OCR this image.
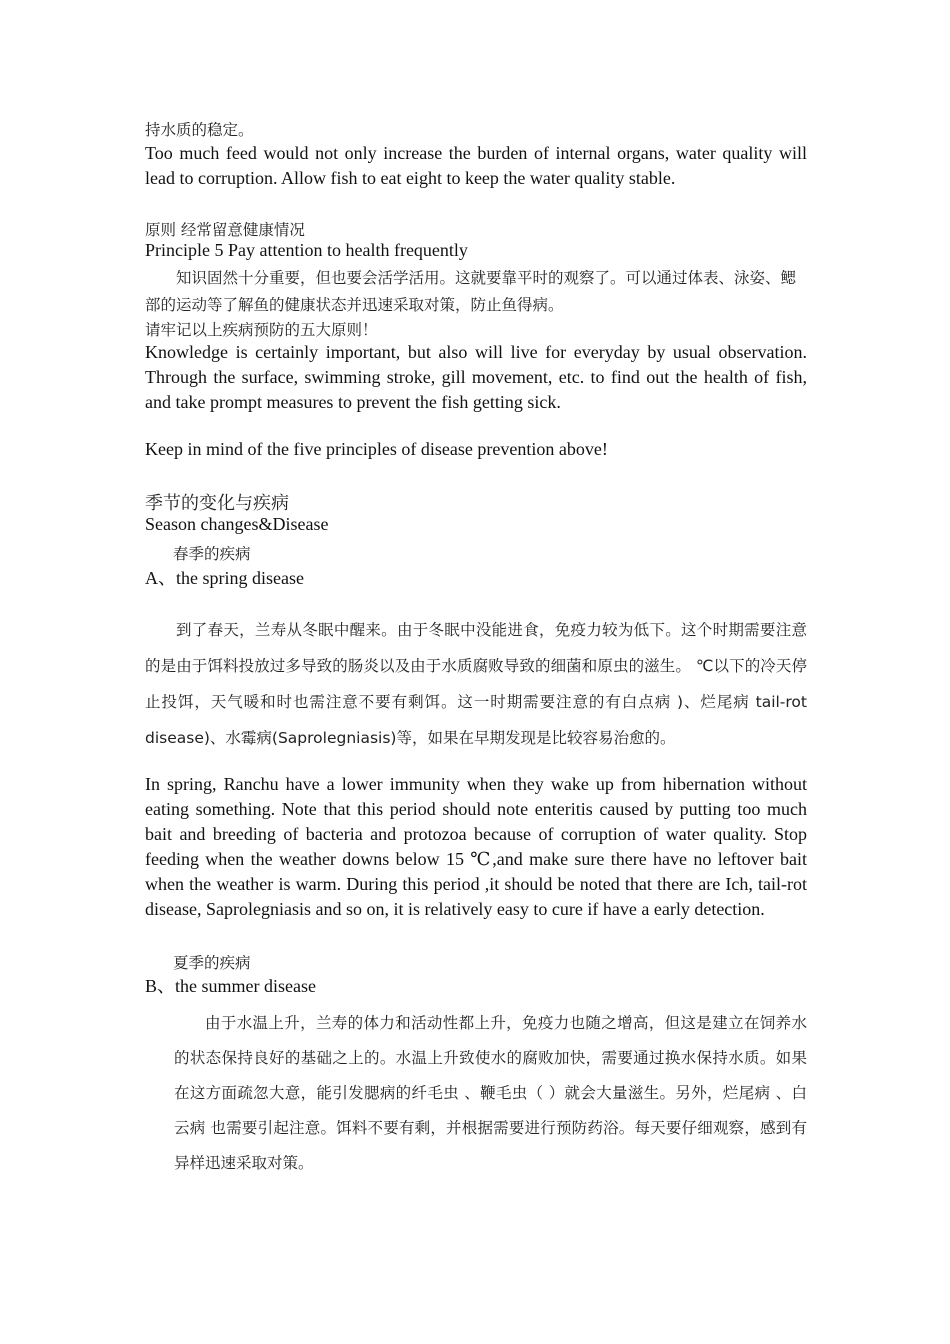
持水质的稳定。

Too much feed would not only increase the burden of internal organs, water quality will lead to corruption. Allow fish to eat eight to keep the water quality stable.

原则 经常留意健康情况

Principle 5 Pay attention to health frequently

知识固然十分重要，但也要会活学活用。这就要靠平时的观察了。可以通过体表、泳姿、鳃部的运动等了解鱼的健康状态并迅速采取对策，防止鱼得病。

请牢记以上疾病预防的五大原则！

Knowledge is certainly important, but also will live for everyday by usual observation. Through the surface, swimming stroke, gill movement, etc. to find out the health of fish, and take prompt measures to prevent the fish getting sick.

Keep in mind of the five principles of disease prevention above!

季节的变化与疾病

Season changes&Disease

春季的疾病

A、the spring disease

到了春天，兰寿从冬眠中醒来。由于冬眠中没能进食，免疫力较为低下。这个时期需要注意的是由于饵料投放过多导致的肠炎以及由于水质腐败导致的细菌和原虫的滋生。 ℃以下的冷天停止投饵，天气暖和时也需注意不要有剩饵。这一时期需要注意的有白点病 )、烂尾病 tail-rot disease)、水霉病(Saprolegniasis)等，如果在早期发现是比较容易治愈的。

In spring, Ranchu have a lower immunity when they wake up from hibernation without eating something. Note that this period should note enteritis caused by putting too much bait and breeding of bacteria and protozoa because of corruption of water quality. Stop feeding when the weather downs below 15 ℃,and make sure there have no leftover bait when the weather is warm. During this period ,it should be noted that there are Ich, tail-rot disease, Saprolegniasis and so on, it is relatively easy to cure if have a early detection.

夏季的疾病

B、the summer disease

由于水温上升，兰寿的体力和活动性都上升，免疫力也随之增高，但这是建立在饲养水的状态保持良好的基础之上的。水温上升致使水的腐败加快，需要通过换水保持水质。如果在这方面疏忽大意，能引发腮病的纤毛虫 、鞭毛虫（ ）就会大量滋生。另外，烂尾病 、白云病 也需要引起注意。饵料不要有剩，并根据需要进行预防药浴。每天要仔细观察，感到有异样迅速采取对策。
